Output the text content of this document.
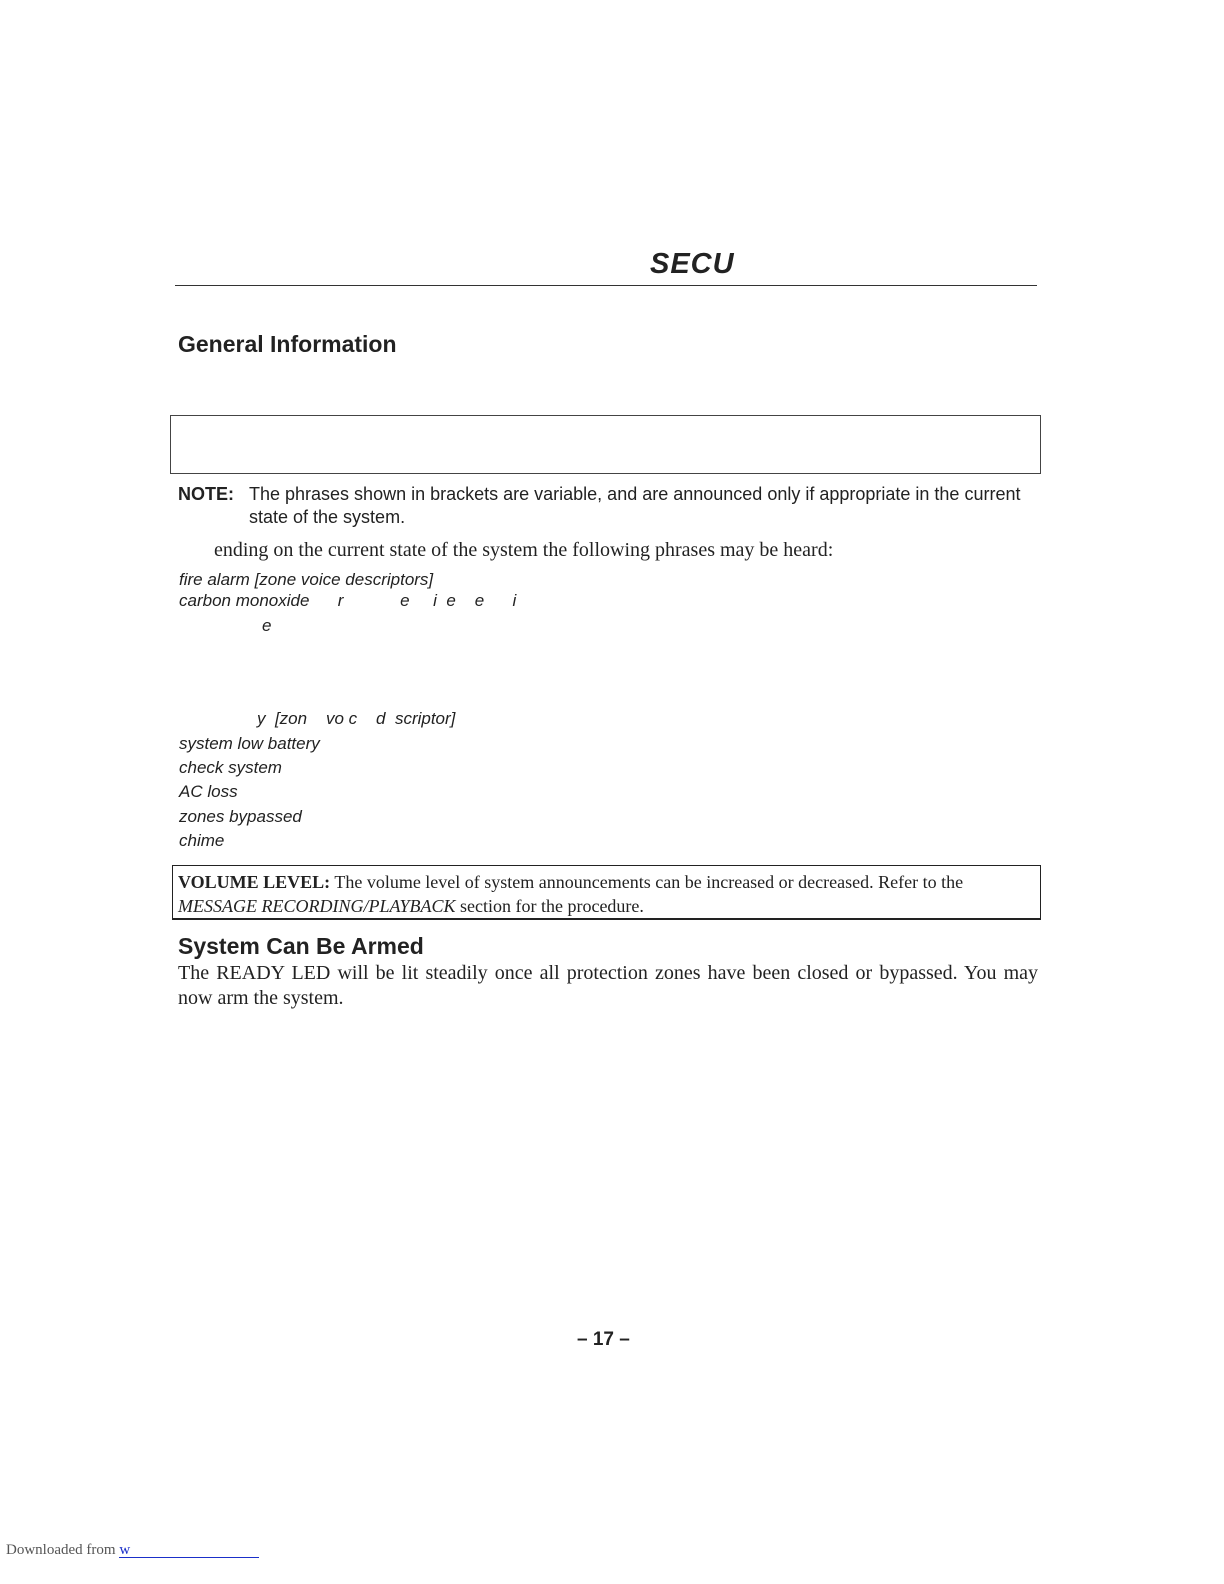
SECU
General Information
NOTE: The phrases shown in brackets are variable, and are announced only if appropriate in the current state of the system.
ending on the current state of the system the following phrases may be heard:
fire alarm [zone voice descriptors]
carbon monoxide      r            e     i  e    e      i
e
y  [zon    vo c    d  scriptor]
system low battery
check system
AC loss
zones bypassed
chime
VOLUME LEVEL: The volume level of system announcements can be increased or decreased. Refer to the MESSAGE RECORDING/PLAYBACK section for the procedure.
System Can Be Armed
The READY LED will be lit steadily once all protection zones have been closed or bypassed. You may now arm the system.
– 17 –
Downloaded from w
